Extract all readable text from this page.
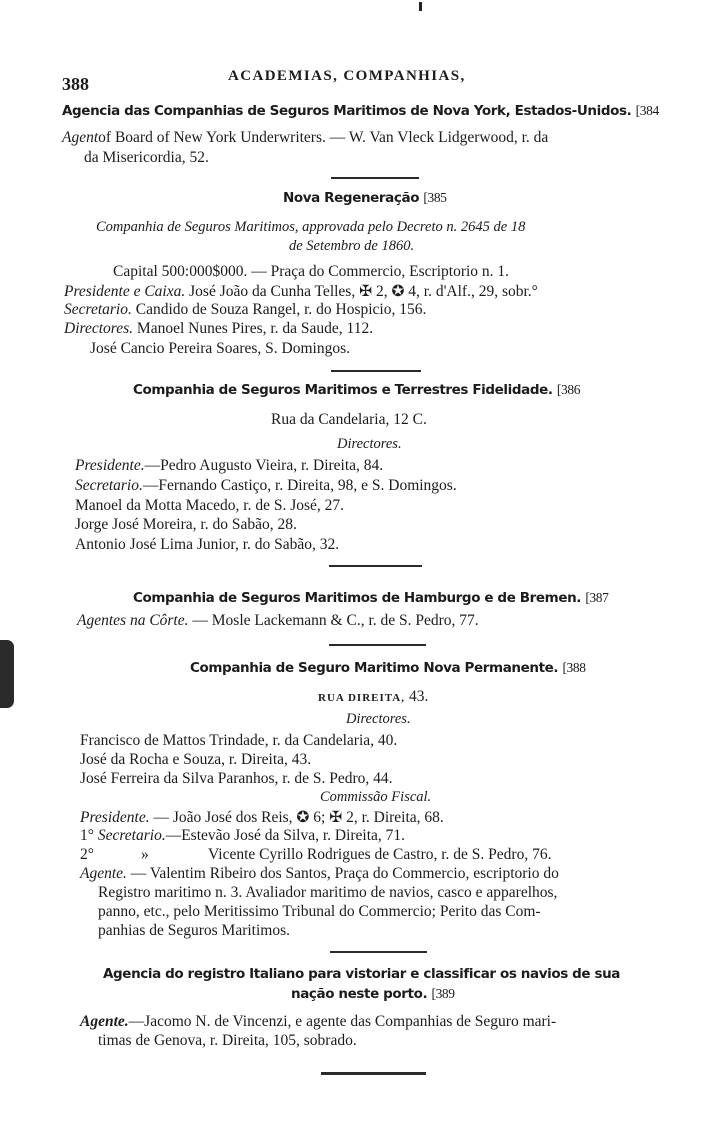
388	ACADEMIAS, COMPANHIAS,
Agencia das Companhias de Seguros Maritimos de Nova York, Estados-Unidos. [384
Agentof Board of New York Underwriters. — W. Van Vleck Lidgerwood, r. da
da Misericordia, 52.
Nova Regeneração [385
Companhia de Seguros Maritimos, approvada pelo Decreto n. 2645 de 18
de Setembro de 1860.
Capital 500:000$000. — Praça do Commercio, Escriptorio n. 1.
Presidente e Caixa. José João da Cunha Telles, ✠ 2, ✪ 4, r. d'Alf., 29, sobr.°
Secretario. Candido de Souza Rangel, r. do Hospicio, 156.
Directores. Manoel Nunes Pires, r. da Saude, 112.
José Cancio Pereira Soares, S. Domingos.
Companhia de Seguros Maritimos e Terrestres Fidelidade. [386
Rua da Candelaria, 12 C.
Directores.
Presidente.—Pedro Augusto Vieira, r. Direita, 84.
Secretario.—Fernando Castiço, r. Direita, 98, e S. Domingos.
Manoel da Motta Macedo, r. de S. José, 27.
Jorge José Moreira, r. do Sabão, 28.
Antonio José Lima Junior, r. do Sabão, 32.
Companhia de Seguros Maritimos de Hamburgo e de Bremen. [387
Agentes na Côrte. — Mosle Lackemann & C., r. de S. Pedro, 77.
Companhia de Seguro Maritimo Nova Permanente. [388
RUA DIREITA, 43.
Directores.
Francisco de Mattos Trindade, r. da Candelaria, 40.
José da Rocha e Souza, r. Direita, 43.
José Ferreira da Silva Paranhos, r. de S. Pedro, 44.
Commissão Fiscal.
Presidente. — João José dos Reis, ✪ 6; ✠ 2, r. Direita, 68.
1° Secretario.—Estevão José da Silva, r. Direita, 71.
2°	»	Vicente Cyrillo Rodrigues de Castro, r. de S. Pedro, 76.
Agente. — Valentim Ribeiro dos Santos, Praça do Commercio, escriptorio do
Registro maritimo n. 3. Avaliador maritimo de navios, casco e apparelhos,
panno, etc., pelo Meritissimo Tribunal do Commercio; Perito das Com-
panhias de Seguros Maritimos.
Agencia do registro Italiano para vistoriar e classificar os navios de sua
nação neste porto. [389
Agente.—Jacomo N. de Vincenzi, e agente das Companhias de Seguro mari-
timas de Genova, r. Direita, 105, sobrado.
